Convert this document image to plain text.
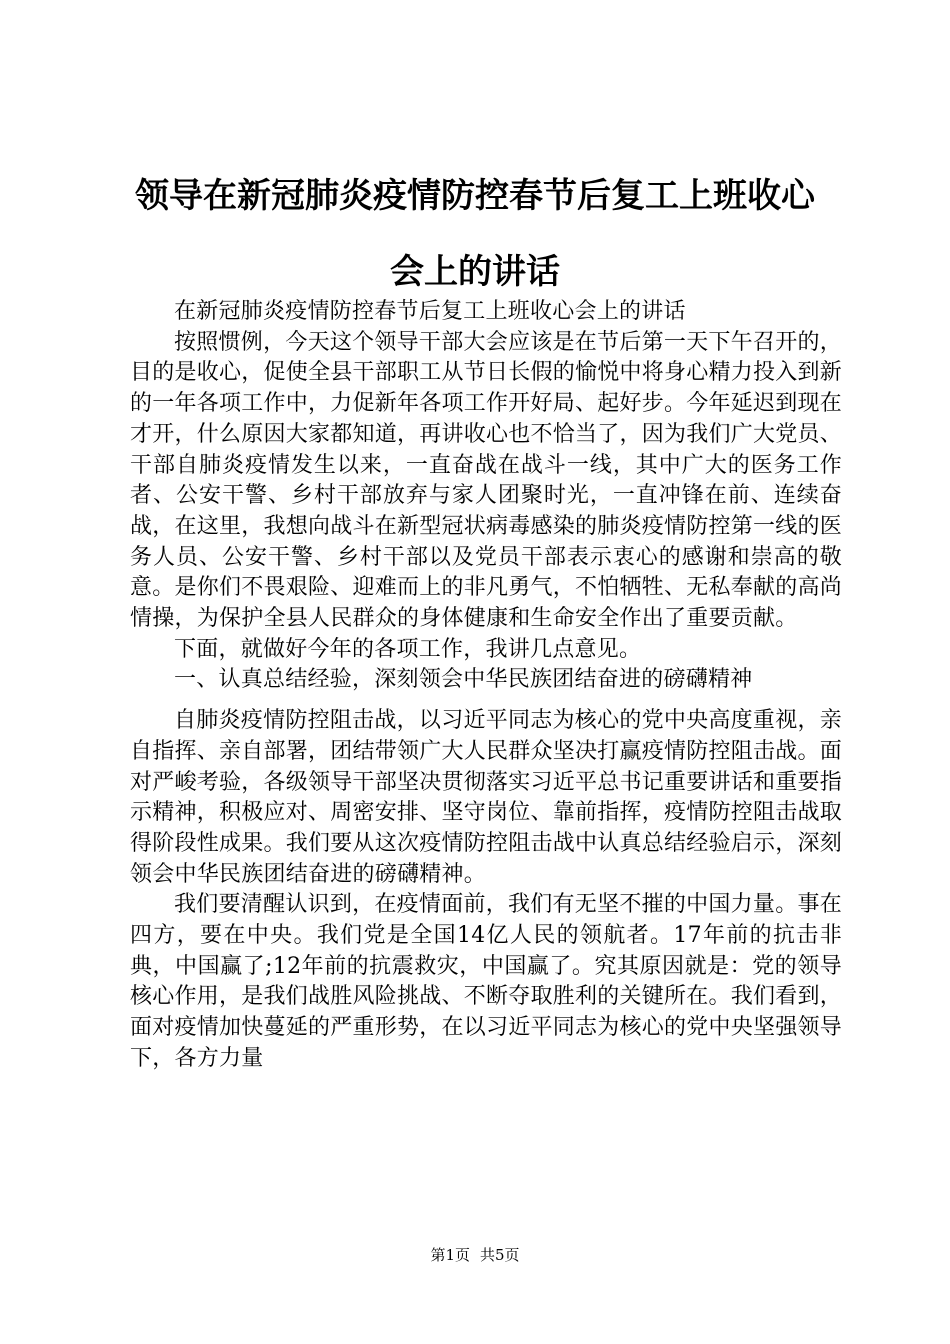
领导在新冠肺炎疫情防控春节后复工上班收心
会上的讲话

在新冠肺炎疫情防控春节后复工上班收心会上的讲话

按照惯例，今天这个领导干部大会应该是在节后第一天下午召开的，目的是收心，促使全县干部职工从节日长假的愉悦中将身心精力投入到新的一年各项工作中，力促新年各项工作开好局、起好步。今年延迟到现在才开，什么原因大家都知道，再讲收心也不恰当了，因为我们广大党员、干部自肺炎疫情发生以来，一直奋战在战斗一线，其中广大的医务工作者、公安干警、乡村干部放弃与家人团聚时光，一直冲锋在前、连续奋战，在这里，我想向战斗在新型冠状病毒感染的肺炎疫情防控第一线的医务人员、公安干警、乡村干部以及党员干部表示衷心的感谢和崇高的敬意。是你们不畏艰险、迎难而上的非凡勇气，不怕牺牲、无私奉献的高尚情操，为保护全县人民群众的身体健康和生命安全作出了重要贡献。

下面，就做好今年的各项工作，我讲几点意见。

一、认真总结经验，深刻领会中华民族团结奋进的磅礴精神

自肺炎疫情防控阻击战，以习近平同志为核心的党中央高度重视，亲自指挥、亲自部署，团结带领广大人民群众坚决打赢疫情防控阻击战。面对严峻考验，各级领导干部坚决贯彻落实习近平总书记重要讲话和重要指示精神，积极应对、周密安排、坚守岗位、靠前指挥，疫情防控阻击战取得阶段性成果。我们要从这次疫情防控阻击战中认真总结经验启示，深刻领会中华民族团结奋进的磅礴精神。

我们要清醒认识到，在疫情面前，我们有无坚不摧的中国力量。事在四方，要在中央。我们党是全国14亿人民的领航者。17年前的抗击非典，中国赢了;12年前的抗震救灾，中国赢了。究其原因就是：党的领导核心作用，是我们战胜风险挑战、不断夺取胜利的关键所在。我们看到，面对疫情加快蔓延的严重形势，在以习近平同志为核心的党中央坚强领导下，各方力量

第1页 共5页
